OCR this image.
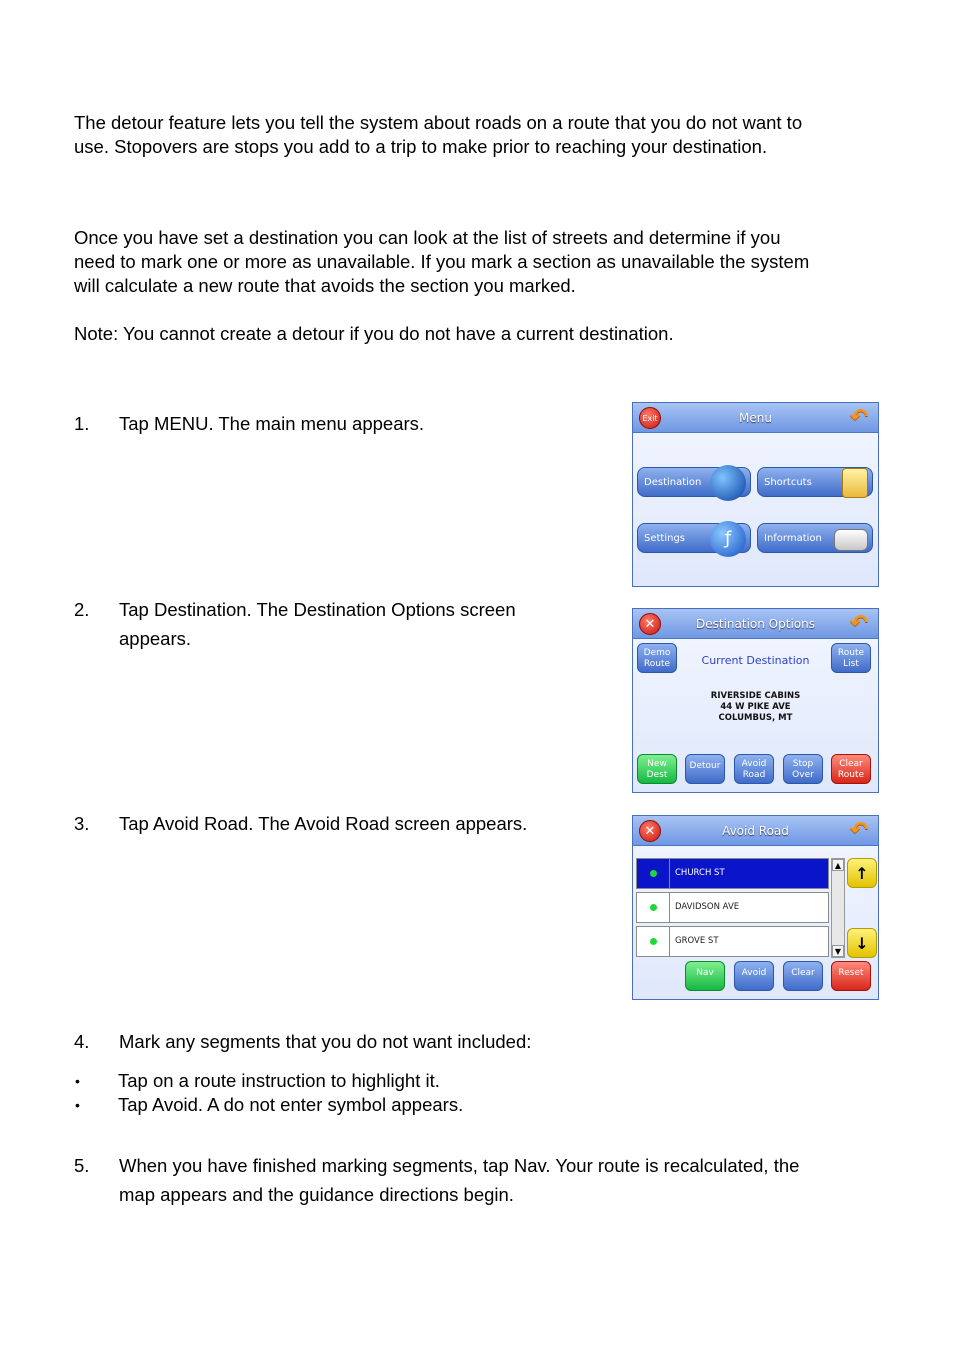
The detour feature lets you tell the system about roads on a route that you do not want to
use. Stopovers are stops you add to a trip to make prior to reaching your destination.
Once you have set a destination you can look at the list of streets and determine if you
need to mark one or more as unavailable. If you mark a section as unavailable the system
will calculate a new route that avoids the section you marked.
Note: You cannot create a detour if you do not have a current destination.
1. Tap MENU. The main menu appears.
2. Tap Destination. The Destination Options screen
appears.
3. Tap Avoid Road. The Avoid Road screen appears.
4. Mark any segments that you do not want included:
• Tap on a route instruction to highlight it.
• Tap Avoid. A do not enter symbol appears.
5. When you have finished marking segments, tap Nav. Your route is recalculated, the
map appears and the guidance directions begin.
Menu
Exit	↶
Destination	Shortcuts
Settings	ƒ	Information
Destination Options
✕	↶
Demo Route
Route List
Current Destination
RIVERSIDE CABINS
44 W PIKE AVE
COLUMBUS, MT
New Dest
Detour	Avoid Road
Stop Over
Clear Route
Avoid Road
✕	↶
CHURCH ST
DAVIDSON AVE
GROVE ST
▲
▼
↑
↓
Nav	Avoid	Clear	Reset
